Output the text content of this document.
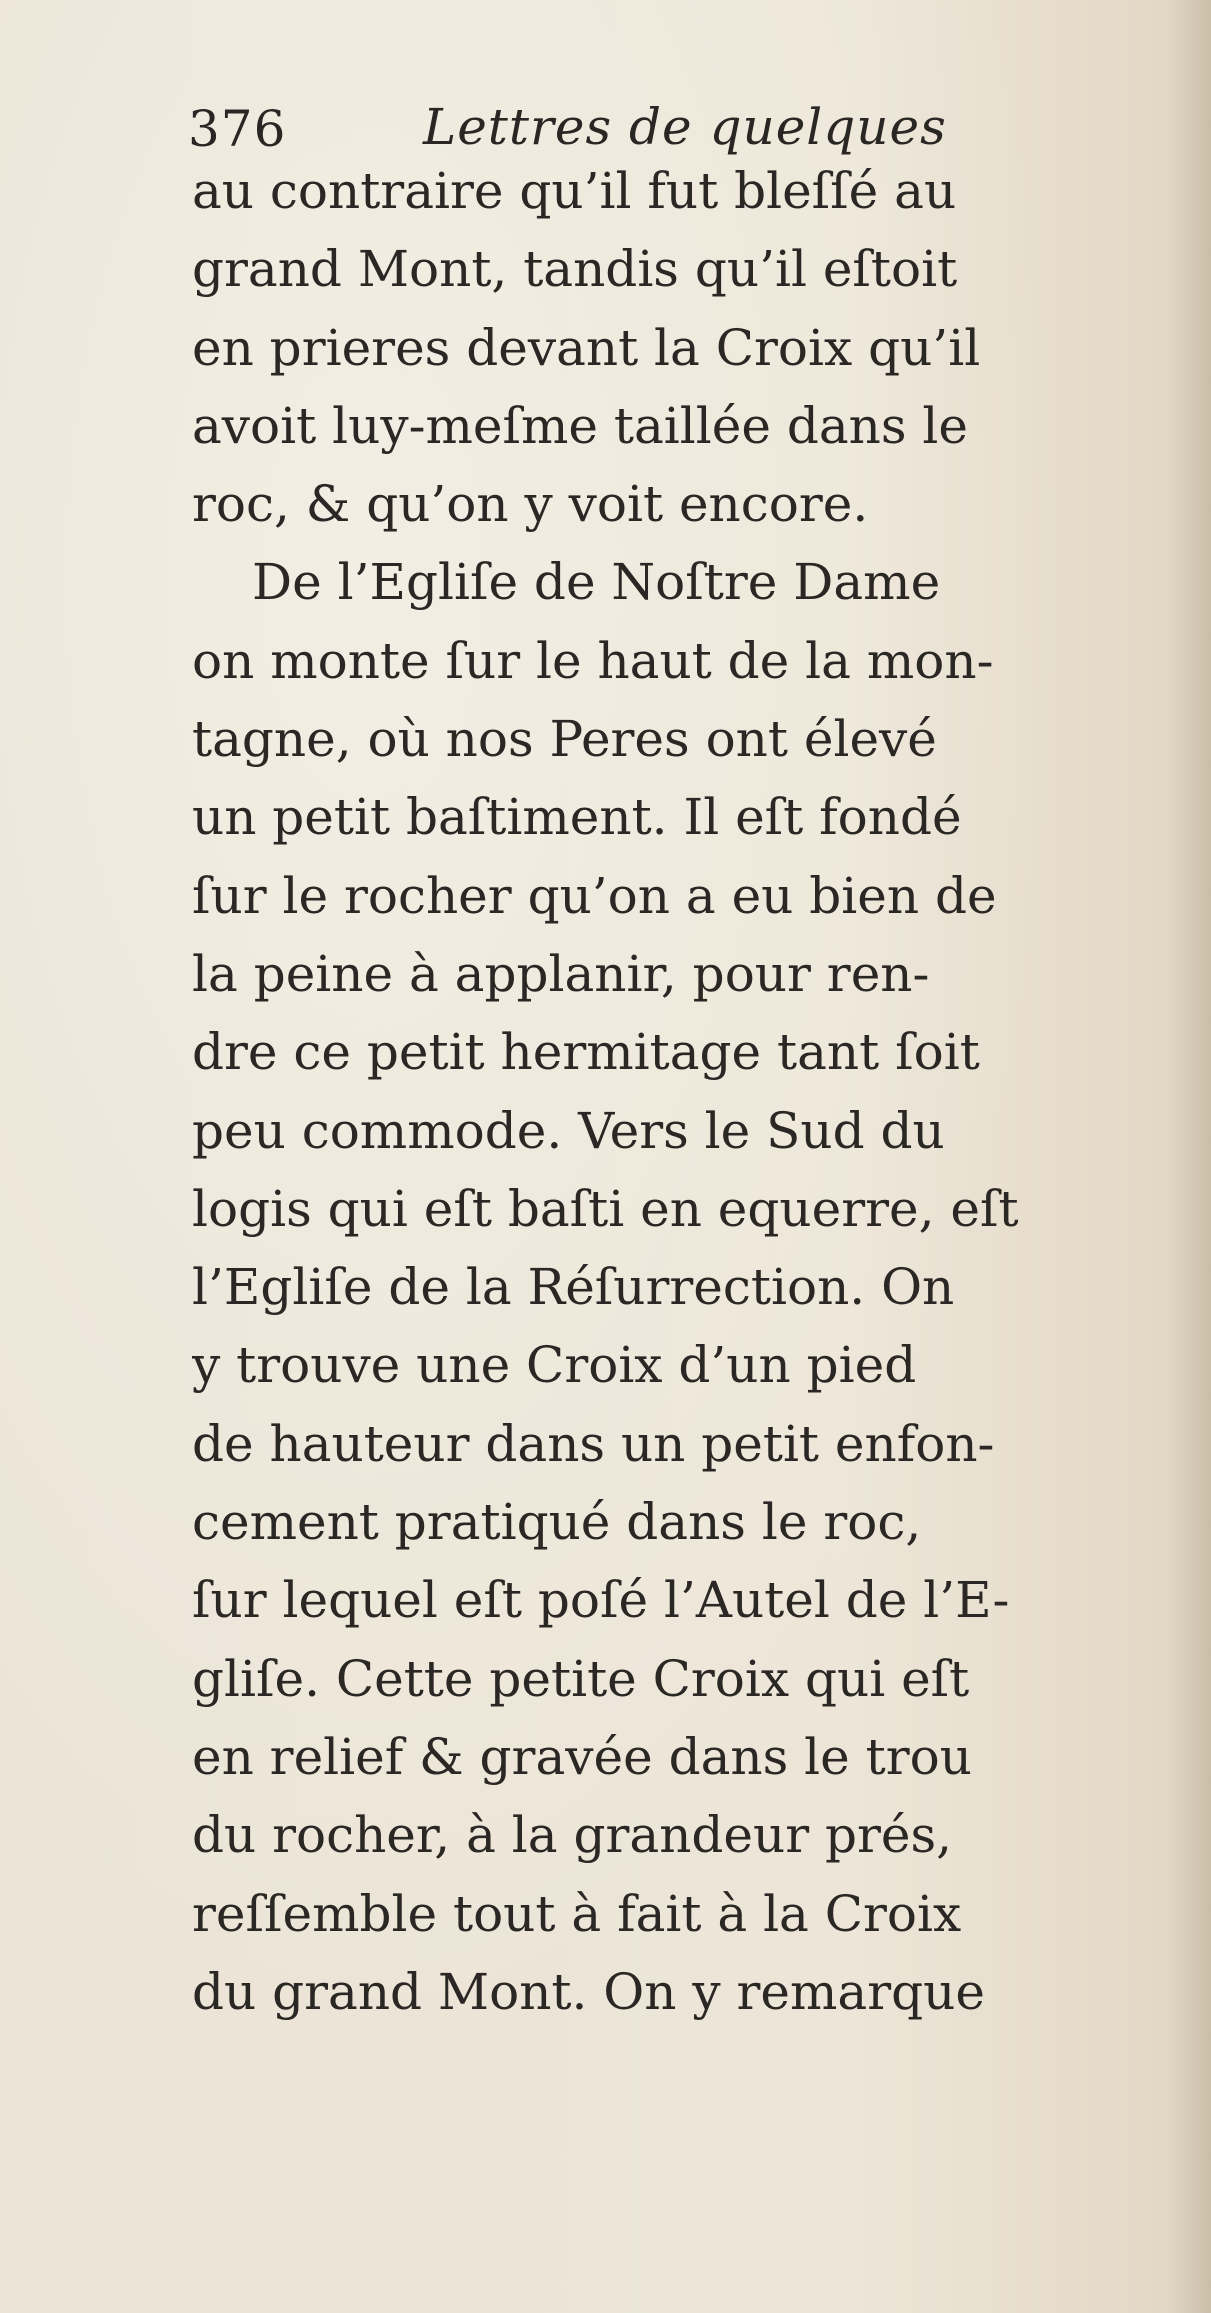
376	Lettres de quelques
au contraire qu’il fut bleſſé au
grand Mont, tandis qu’il eſtoit
en prieres devant la Croix qu’il
avoit luy-meſme taillée dans le
roc, & qu’on y voit encore.
De l’Egliſe de Noſtre Dame
on monte ſur le haut de la mon-
tagne, où nos Peres ont élevé
un petit baſtiment. Il eſt fondé
ſur le rocher qu’on a eu bien de
la peine à applanir, pour ren-
dre ce petit hermitage tant ſoit
peu commode. Vers le Sud du
logis qui eſt baſti en equerre, eſt
l’Egliſe de la Réſurrection. On
y trouve une Croix d’un pied
de hauteur dans un petit enfon-
cement pratiqué dans le roc,
ſur lequel eſt poſé l’Autel de l’E-
gliſe. Cette petite Croix qui eſt
en relief & gravée dans le trou
du rocher, à la grandeur prés,
reſſemble tout à fait à la Croix
du grand Mont. On y remarque
